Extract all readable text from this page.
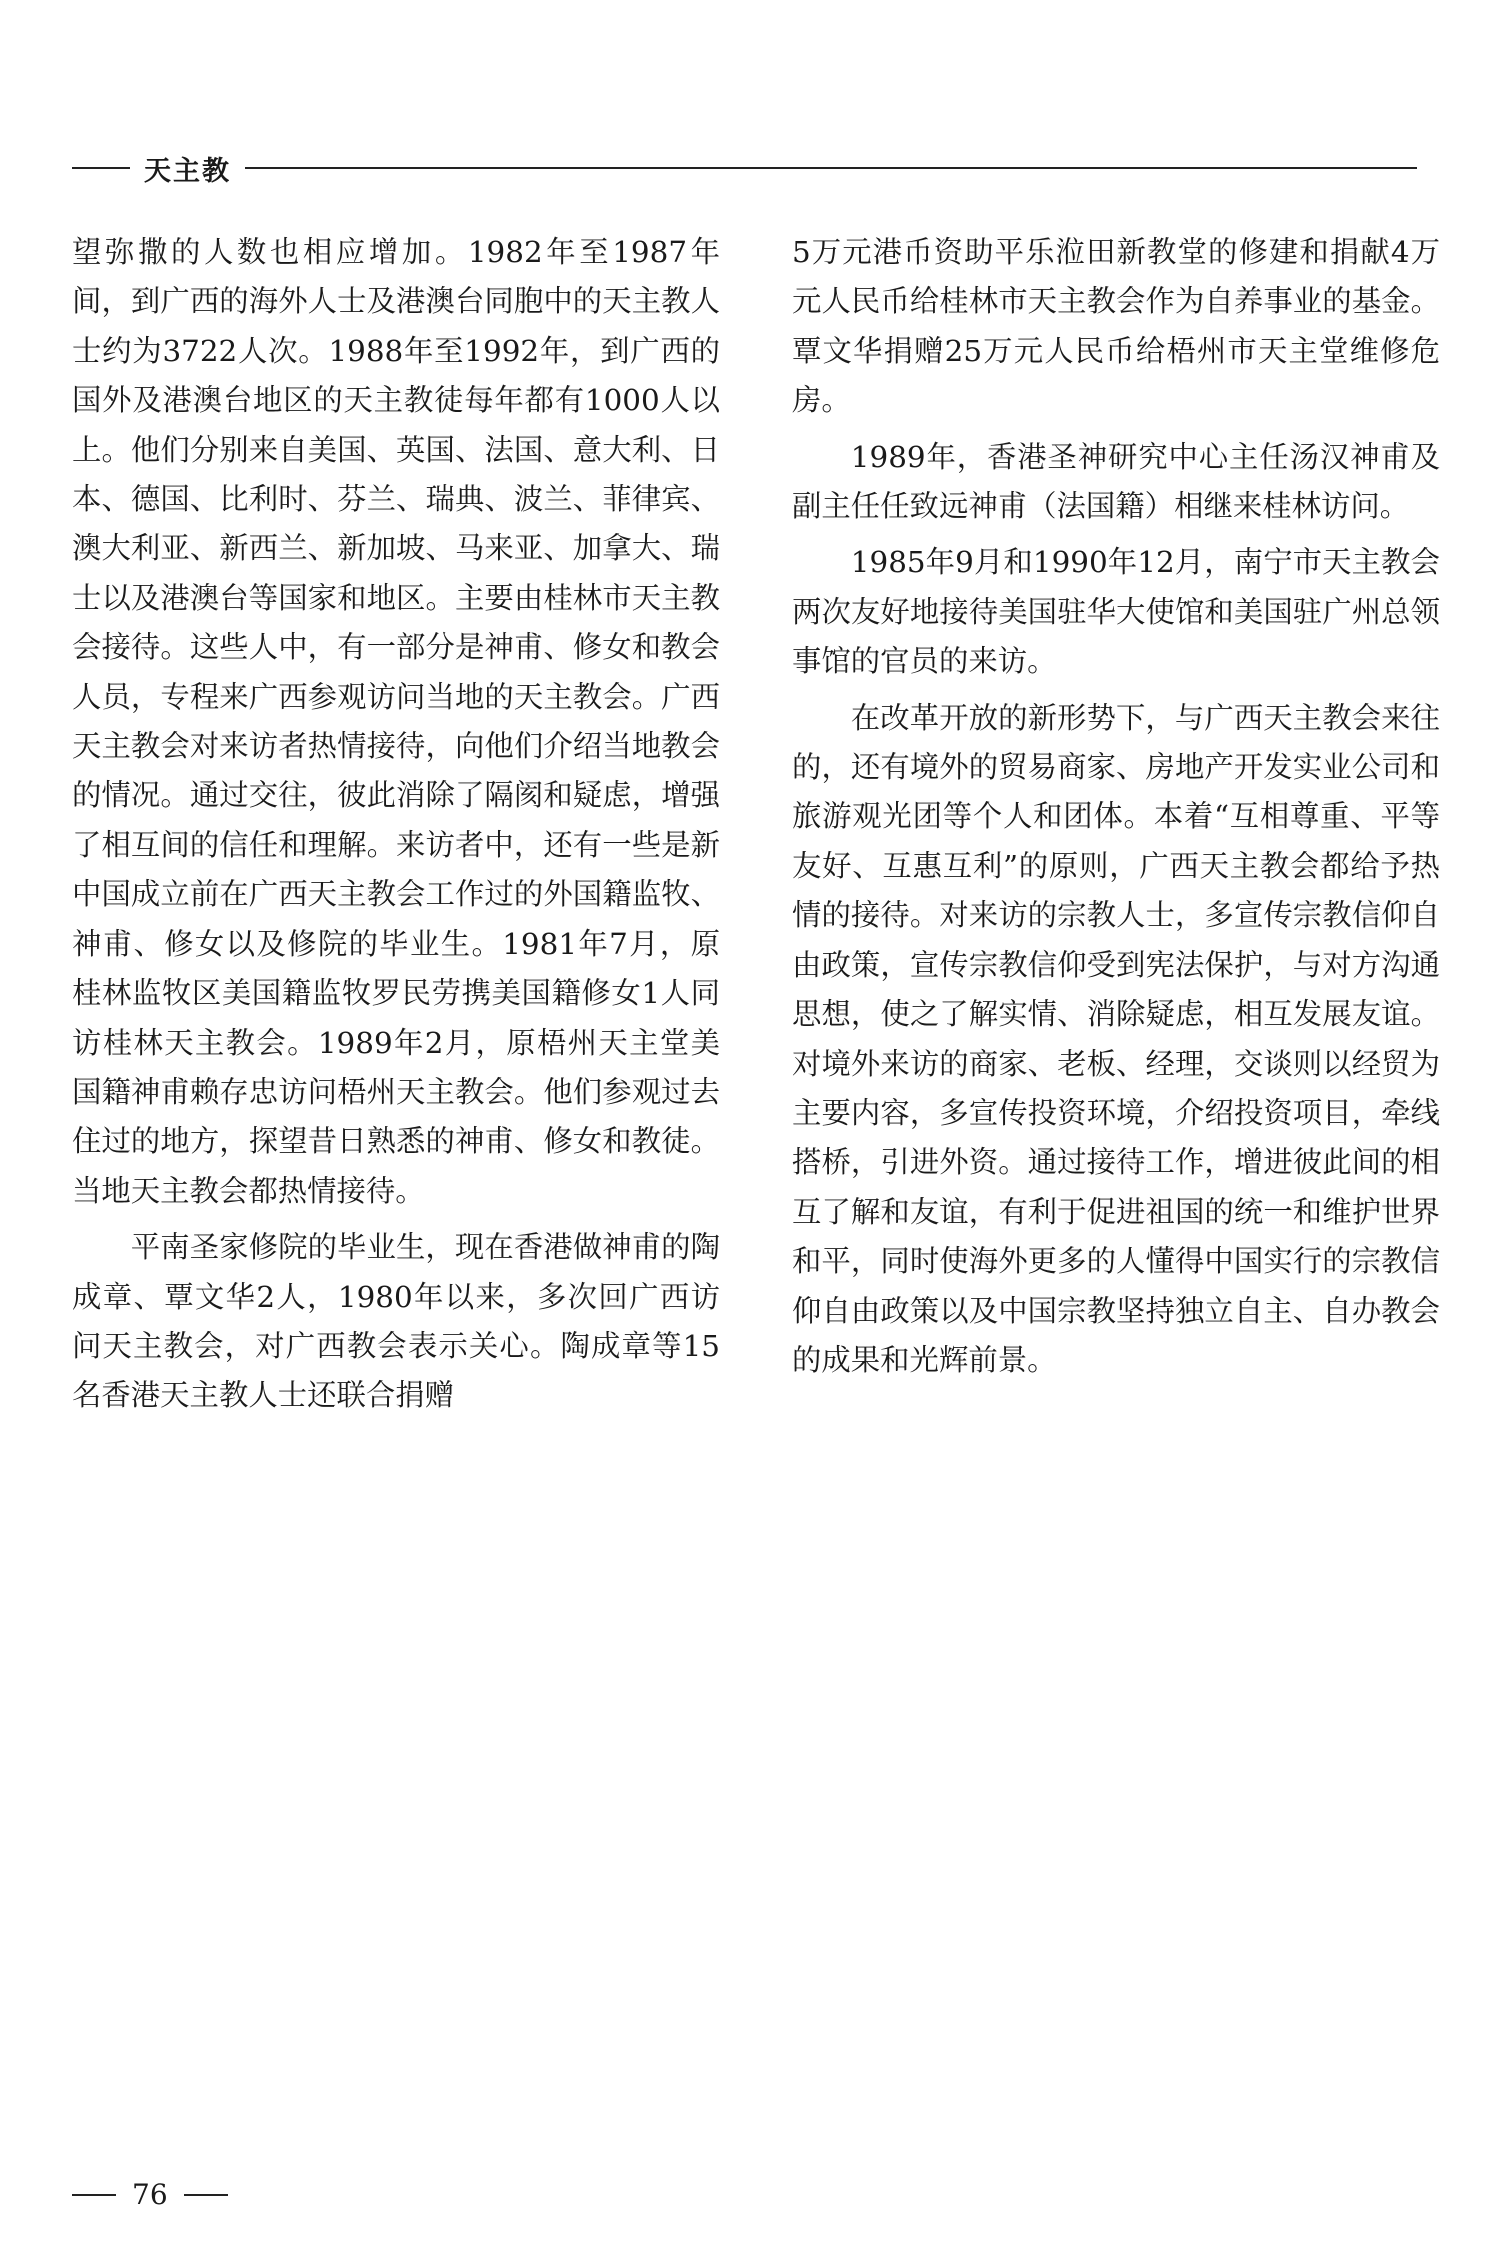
天主教

望弥撒的人数也相应增加。1982年至1987年间，到广西的海外人士及港澳台同胞中的天主教人士约为3722人次。1988年至1992年，到广西的国外及港澳台地区的天主教徒每年都有1000人以上。他们分别来自美国、英国、法国、意大利、日本、德国、比利时、芬兰、瑞典、波兰、菲律宾、澳大利亚、新西兰、新加坡、马来亚、加拿大、瑞士以及港澳台等国家和地区。主要由桂林市天主教会接待。这些人中，有一部分是神甫、修女和教会人员，专程来广西参观访问当地的天主教会。广西天主教会对来访者热情接待，向他们介绍当地教会的情况。通过交往，彼此消除了隔阂和疑虑，增强了相互间的信任和理解。来访者中，还有一些是新中国成立前在广西天主教会工作过的外国籍监牧、神甫、修女以及修院的毕业生。1981年7月，原桂林监牧区美国籍监牧罗民劳携美国籍修女1人同访桂林天主教会。1989年2月，原梧州天主堂美国籍神甫赖存忠访问梧州天主教会。他们参观过去住过的地方，探望昔日熟悉的神甫、修女和教徒。当地天主教会都热情接待。

平南圣家修院的毕业生，现在香港做神甫的陶成章、覃文华2人，1980年以来，多次回广西访问天主教会，对广西教会表示关心。陶成章等15名香港天主教人士还联合捐赠

5万元港币资助平乐涖田新教堂的修建和捐献4万元人民币给桂林市天主教会作为自养事业的基金。覃文华捐赠25万元人民币给梧州市天主堂维修危房。

1989年，香港圣神研究中心主任汤汉神甫及副主任任致远神甫（法国籍）相继来桂林访问。

1985年9月和1990年12月，南宁市天主教会两次友好地接待美国驻华大使馆和美国驻广州总领事馆的官员的来访。

在改革开放的新形势下，与广西天主教会来往的，还有境外的贸易商家、房地产开发实业公司和旅游观光团等个人和团体。本着“互相尊重、平等友好、互惠互利”的原则，广西天主教会都给予热情的接待。对来访的宗教人士，多宣传宗教信仰自由政策，宣传宗教信仰受到宪法保护，与对方沟通思想，使之了解实情、消除疑虑，相互发展友谊。对境外来访的商家、老板、经理，交谈则以经贸为主要内容，多宣传投资环境，介绍投资项目，牵线搭桥，引进外资。通过接待工作，增进彼此间的相互了解和友谊，有利于促进祖国的统一和维护世界和平，同时使海外更多的人懂得中国实行的宗教信仰自由政策以及中国宗教坚持独立自主、自办教会的成果和光辉前景。

76
